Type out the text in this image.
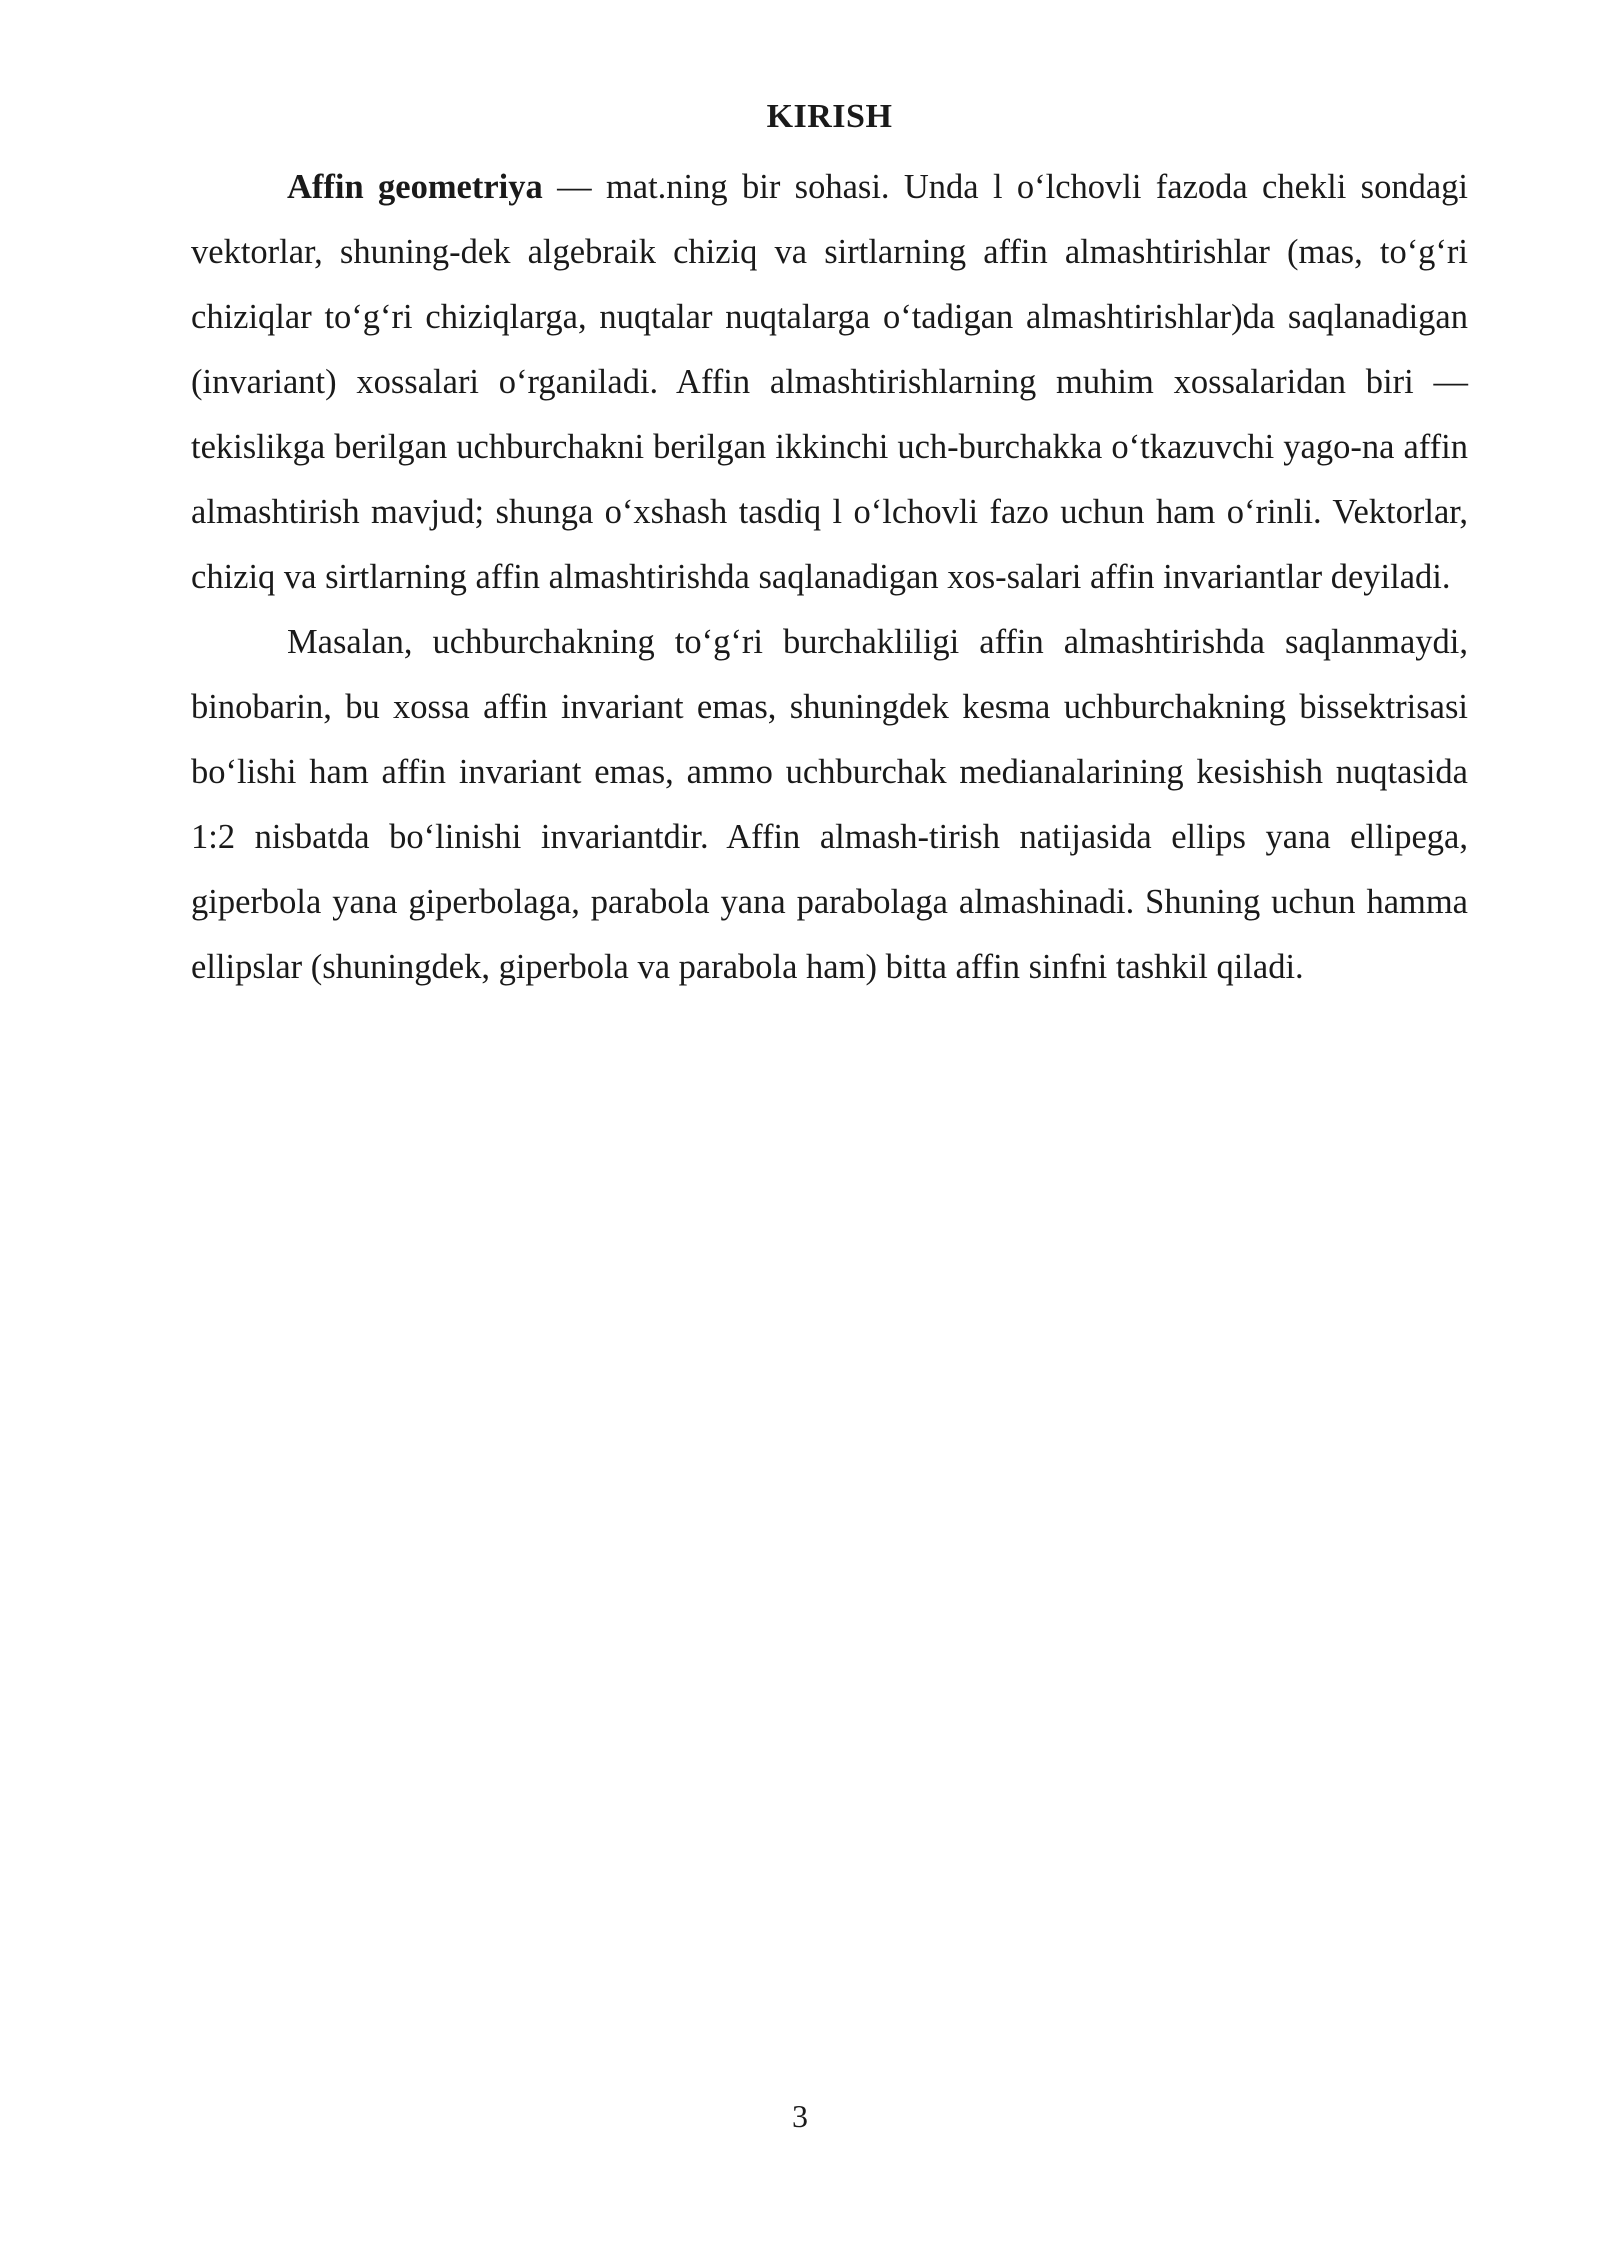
KIRISH

Affin geometriya — mat.ning bir sohasi. Unda l o‘lchovli fazoda chekli sondagi vektorlar, shuning-dek algebraik chiziq va sirtlarning affin almashtirishlar (mas, to‘g‘ri chiziqlar to‘g‘ri chiziqlarga, nuqtalar nuqtalarga o‘tadigan almashtirishlar)da saqlanadigan (invariant) xossalari o‘rganiladi. Affin almashtirishlarning muhim xossalaridan biri — tekislikga berilgan uchburchakni berilgan ikkinchi uch-burchakka o‘tkazuvchi yago-na affin almashtirish mavjud; shunga o‘xshash tasdiq l o‘lchovli fazo uchun ham o‘rinli. Vektorlar, chiziq va sirtlarning affin almashtirishda saqlanadigan xos-salari affin invariantlar deyiladi.

Masalan, uchburchakning to‘g‘ri burchakliligi affin almashtirishda saqlanmaydi, binobarin, bu xossa affin invariant emas, shuningdek kesma uchburchakning bissektrisasi bo‘lishi ham affin invariant emas, ammo uchburchak medianalarining kesishish nuqtasida 1:2 nisbatda bo‘linishi invariantdir. Affin almash-tirish natijasida ellips yana ellipega, giperbola yana giperbolaga, parabola yana parabolaga almashinadi. Shuning uchun hamma ellipslar (shuningdek, giperbola va parabola ham) bitta affin sinfni tashkil qiladi.

3
